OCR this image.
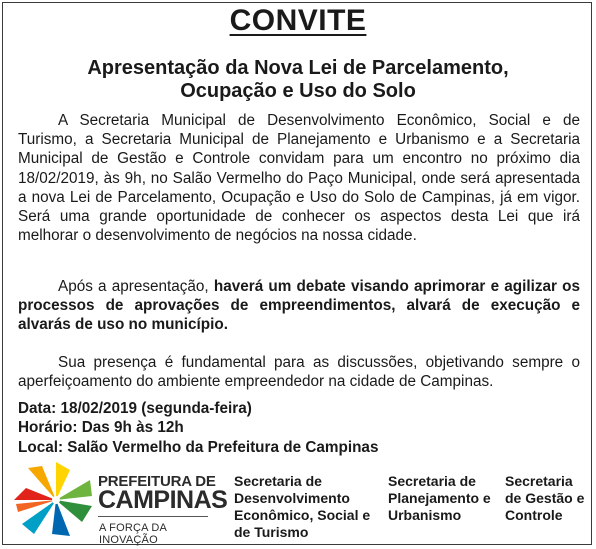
CONVITE
Apresentação da Nova Lei de Parcelamento,
Ocupação e Uso do Solo

A Secretaria Municipal de Desenvolvimento Econômico, Social e de Turismo, a Secretaria Municipal de Planejamento e Urbanismo e a Secretaria Municipal de Gestão e Controle convidam para um encontro no próximo dia 18/02/2019, às 9h, no Salão Vermelho do Paço Municipal, onde será apresentada a nova Lei de Parcelamento, Ocupação e Uso do Solo de Campinas, já em vigor. Será uma grande oportunidade de conhecer os aspectos desta Lei que irá melhorar o desenvolvimento de negócios na nossa cidade.

Após a apresentação, haverá um debate visando aprimorar e agilizar os processos de aprovações de empreendimentos, alvará de execução e alvarás de uso no município.

Sua presença é fundamental para as discussões, objetivando sempre o aperfeiçoamento do ambiente empreendedor na cidade de Campinas.

Data: 18/02/2019 (segunda-feira)
Horário: Das 9h às 12h
Local: Salão Vermelho da Prefeitura de Campinas
PREFEITURA DE
CAMPINAS
A FORÇA DA INOVAÇÃO
Secretaria de Desenvolvimento Econômico, Social e de Turismo
Secretaria de Planejamento e Urbanismo
Secretaria de Gestão e Controle
